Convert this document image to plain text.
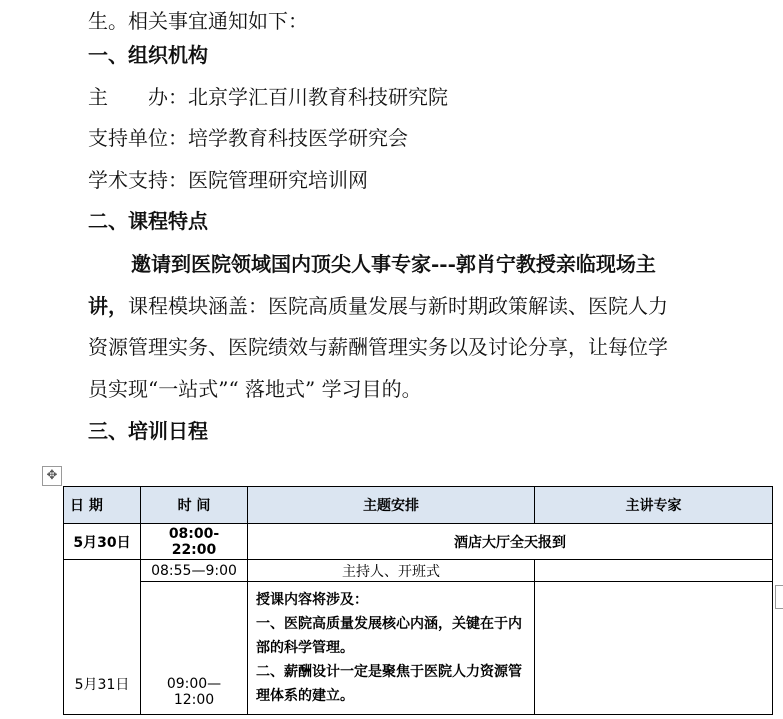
生。相关事宜通知如下：
一、组织机构
主　　办：北京学汇百川教育科技研究院
支持单位：培学教育科技医学研究会
学术支持：医院管理研究培训网
二、课程特点
邀请到医院领域国内顶尖人事专家---郭肖宁教授亲临现场主
讲，课程模块涵盖：医院高质量发展与新时期政策解读、医院人力
资源管理实务、医院绩效与薪酬管理实务以及讨论分享，让每位学
员实现“一站式”“ 落地式” 学习目的。
三、培训日程
✥
日 期	时 间	主题安排	主讲专家
5月30日	08:00-22:00	酒店大厅全天报到	
5月31日	08:55—9:00	主持人、开班式	
	09:00—12:00	授课内容将涉及：
一、医院高质量发展核心内涵，关键在于内
部的科学管理。
二、薪酬设计一定是聚焦于医院人力资源管
理体系的建立。	
